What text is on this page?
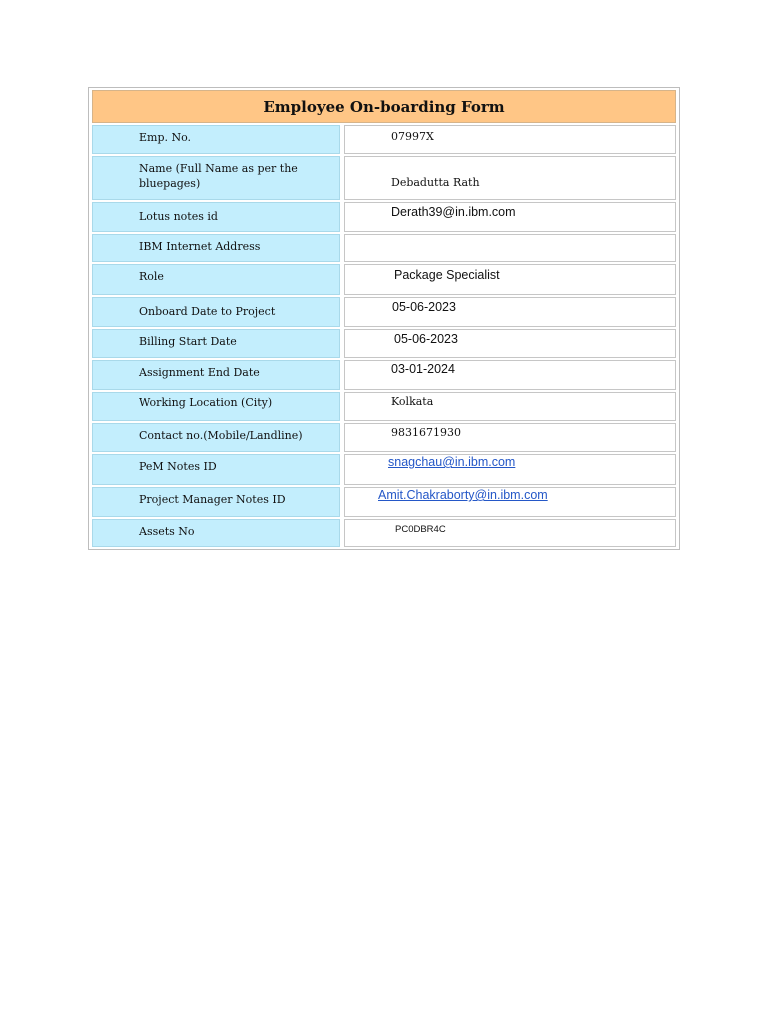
Employee On-boarding Form
Emp. No.	07997X
Name (Full Name as per the bluepages)	Debadutta Rath
Lotus notes id	Derath39@in.ibm.com
IBM Internet Address
Role	Package Specialist
Onboard Date to Project	05-06-2023
Billing Start Date	05-06-2023
Assignment End Date	03-01-2024
Working Location (City)	Kolkata
Contact no.(Mobile/Landline)	9831671930
PeM Notes ID	snagchau@in.ibm.com
Project Manager Notes ID	Amit.Chakraborty@in.ibm.com
Assets No	PC0DBR4C
